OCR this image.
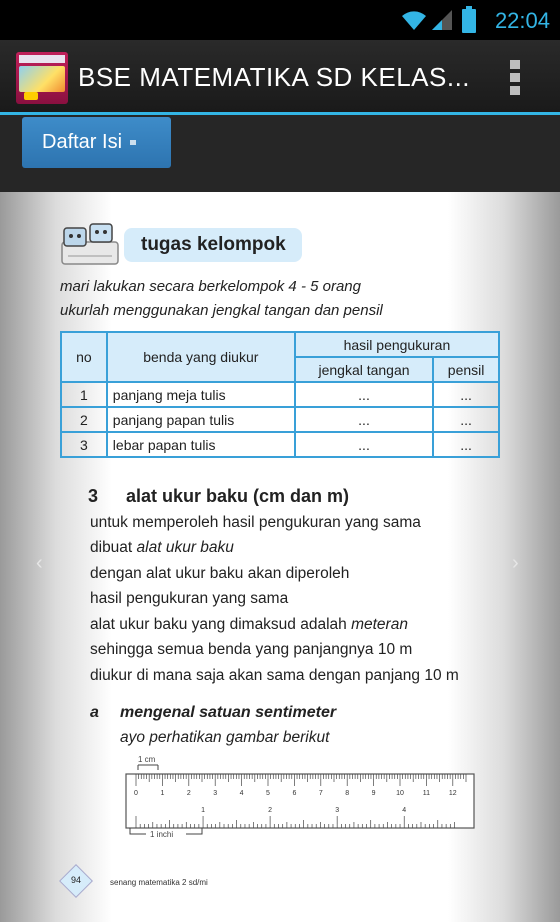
22:04
BSE MATEMATIKA SD KELAS...
Daftar Isi
‹	›
tugas kelompok
mari lakukan secara berkelompok 4 - 5 orang
ukurlah menggunakan jengkal tangan dan pensil
no	benda yang diukur	hasil pengukuran	
		jengkal tangan	pensil
1	panjang meja tulis	...	...
2	panjang papan tulis	...	...
3	lebar papan tulis	...	...
3 alat ukur baku (cm dan m)
untuk memperoleh hasil pengukuran yang sama
dibuat alat ukur baku
dengan alat ukur baku akan diperoleh
hasil pengukuran yang sama
alat ukur baku yang dimaksud adalah meteran
sehingga semua benda yang panjangnya 10 m
diukur di mana saja akan sama dengan panjang 10 m
a mengenal satuan sentimeter
ayo perhatikan gambar berikut
1 cm
0	1	2	3	4	5	6	7	8	9	10	11	12
1	2	3	4
1 inchi
94	senang matematika 2 sd/mi
